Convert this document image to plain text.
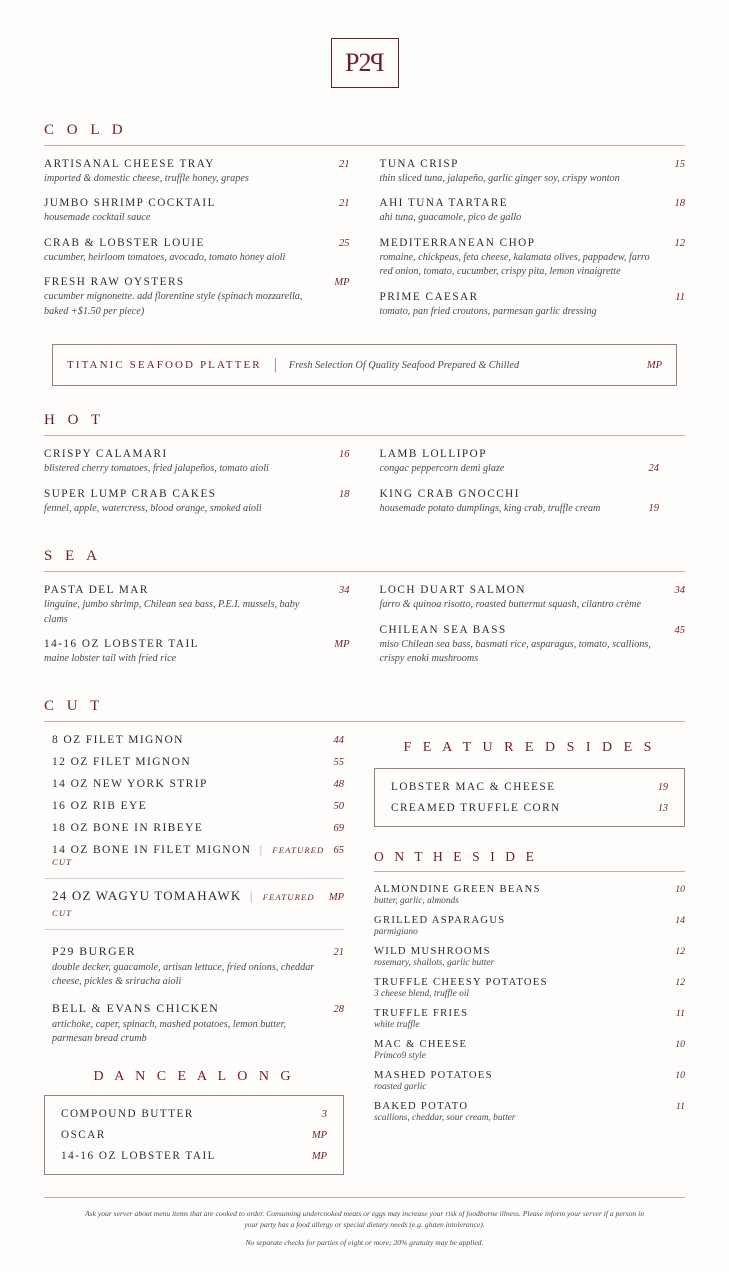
P2P
C O L D
ARTISANAL CHEESE TRAY	21
imported & domestic cheese, truffle honey, grapes
JUMBO SHRIMP COCKTAIL	21
housemade cocktail sauce
CRAB & LOBSTER LOUIE	25
cucumber, heirloom tomatoes, avocado, tomato honey aioli
FRESH RAW OYSTERS	MP
cucumber mignonette. add florentine style (spinach mozzarella, baked +$1.50 per piece)
TUNA CRISP	15
thin sliced tuna, jalapeño, garlic ginger soy, crispy wonton
AHI TUNA TARTARE	18
ahi tuna, guacamole, pico de gallo
MEDITERRANEAN CHOP	12
romaine, chickpeas, feta cheese, kalamata olives, pappadew, farro red onion, tomato, cucumber, crispy pita, lemon vinaigrette
PRIME CAESAR	11
tomato, pan fried croutons, parmesan garlic dressing
TITANIC SEAFOOD PLATTER | Fresh Selection Of Quality Seafood Prepared & Chilled	MP
H O T
CRISPY CALAMARI	16
blistered cherry tomatoes, fried jalapeños, tomato aioli
SUPER LUMP CRAB CAKES	18
fennel, apple, watercress, blood orange, smoked aioli
LAMB LOLLIPOP
congac peppercorn demi glaze	24
KING CRAB GNOCCHI
housemade potato dumplings, king crab, truffle cream	19
S E A
PASTA DEL MAR	34
linguine, jumbo shrimp, Chilean sea bass, P.E.I. mussels, baby clams
14-16 OZ LOBSTER TAIL	MP
maine lobster tail with fried rice
LOCH DUART SALMON	34
farro & quinoa risotto, roasted butternut squash, cilantro crème
CHILEAN SEA BASS	45
miso Chilean sea bass, basmati rice, asparagus, tomato, scallions, crispy enoki mushrooms
C U T
8 OZ FILET MIGNON	44
12 OZ FILET MIGNON	55
14 OZ NEW YORK STRIP	48
16 OZ RIB EYE	50
18 OZ BONE IN RIBEYE	69
14 OZ BONE IN FILET MIGNON | FEATURED CUT
65
24 OZ WAGYU TOMAHAWK | FEATURED CUT
MP
P29 BURGER	21
double decker, guacamole, artisan lettuce, fried onions, cheddar cheese, pickles & sriracha aioli
BELL & EVANS CHICKEN	28
artichoke, caper, spinach, mashed potatoes, lemon butter, parmesan bread crumb
D A N C E A L O N G
COMPOUND BUTTER	3
OSCAR	MP
14-16 OZ LOBSTER TAIL	MP
F E A T U R E D S I D E S
LOBSTER MAC & CHEESE	19
CREAMED TRUFFLE CORN	13
O N T H E S I D E
ALMONDINE GREEN BEANS	10
butter, garlic, almonds
GRILLED ASPARAGUS	14
parmigiano
WILD MUSHROOMS	12
rosemary, shallots, garlic butter
TRUFFLE CHEESY POTATOES	12
3 cheese blend, truffle oil
TRUFFLE FRIES	11
white truffle
MAC & CHEESE	10
Primco9 style
MASHED POTATOES	10
roasted garlic
BAKED POTATO	11
scallions, cheddar, sour cream, butter

Ask your server about menu items that are cooked to order. Consuming undercooked meats or eggs may increase your risk of foodborne illness. Please inform your server if a person in your party has a food allergy or special dietary needs (e.g. gluten intolerance).

No separate checks for parties of eight or more; 20% gratuity may be applied.
